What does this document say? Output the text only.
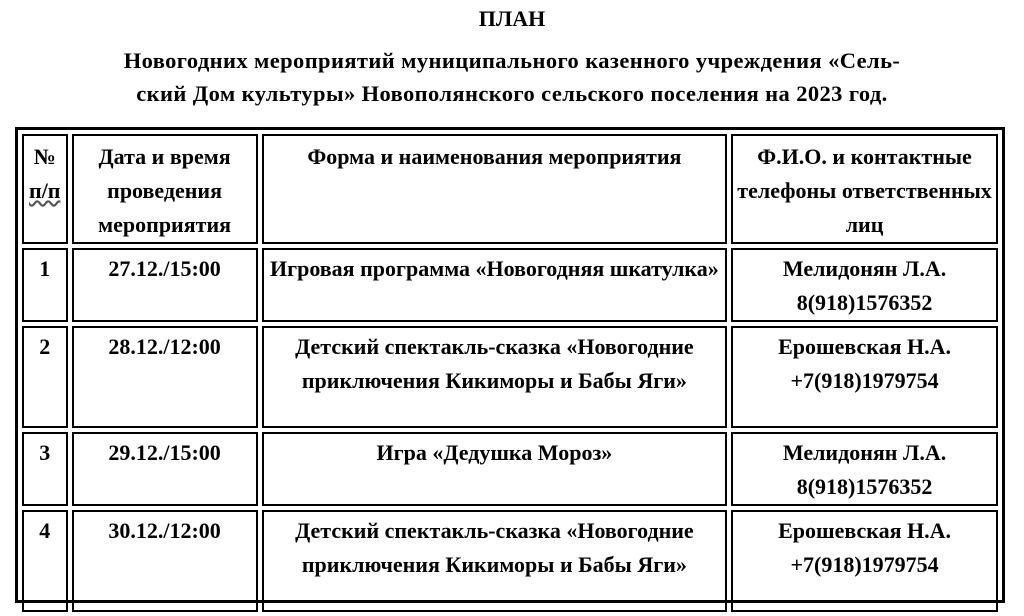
ПЛАН
Новогодних мероприятий муниципального казенного учреждения «Сель-
ский Дом культуры» Новополянского сельского поселения на 2023 год.
№
п/п	Дата и время проведения мероприятия	Форма и наименования мероприятия	Ф.И.О. и контактные телефоны ответственных лиц
1	27.12./15:00	Игровая программа «Новогодняя шкатулка»	Мелидонян Л.А.
8(918)1576352

2	28.12./12:00	Детский спектакль-сказка «Новогодние приключения Кикиморы и Бабы Яги»	Ерошевская Н.А.
+7(918)1979754

3	29.12./15:00	Игра «Дедушка Мороз»	Мелидонян Л.А.
8(918)1576352

4	30.12./12:00	Детский спектакль-сказка «Новогодние приключения Кикиморы и Бабы Яги»	Ерошевская Н.А.
+7(918)1979754
